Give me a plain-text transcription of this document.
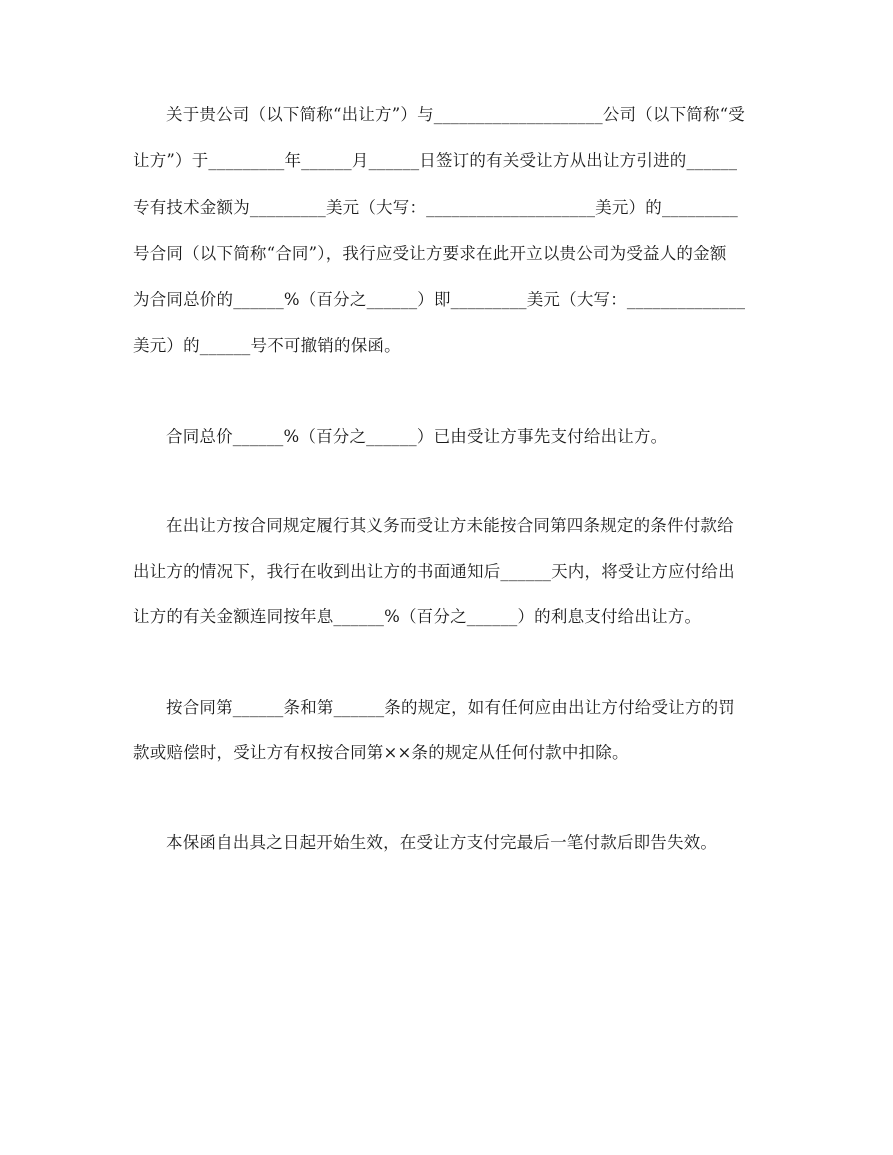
关于贵公司（以下简称“出让方”）与____________________公司（以下简称“受

让方”）于_________年______月______日签订的有关受让方从出让方引进的______

专有技术金额为_________美元（大写：____________________美元）的_________

号合同（以下简称“合同”），我行应受让方要求在此开立以贵公司为受益人的金额

为合同总价的______%（百分之______）即_________美元（大写：______________

美元）的______号不可撤销的保函。

合同总价______%（百分之______）已由受让方事先支付给出让方。

在出让方按合同规定履行其义务而受让方未能按合同第四条规定的条件付款给

出让方的情况下，我行在收到出让方的书面通知后______天内，将受让方应付给出

让方的有关金额连同按年息______%（百分之______）的利息支付给出让方。

按合同第______条和第______条的规定，如有任何应由出让方付给受让方的罚

款或赔偿时，受让方有权按合同第××条的规定从任何付款中扣除。

本保函自出具之日起开始生效，在受让方支付完最后一笔付款后即告失效。
